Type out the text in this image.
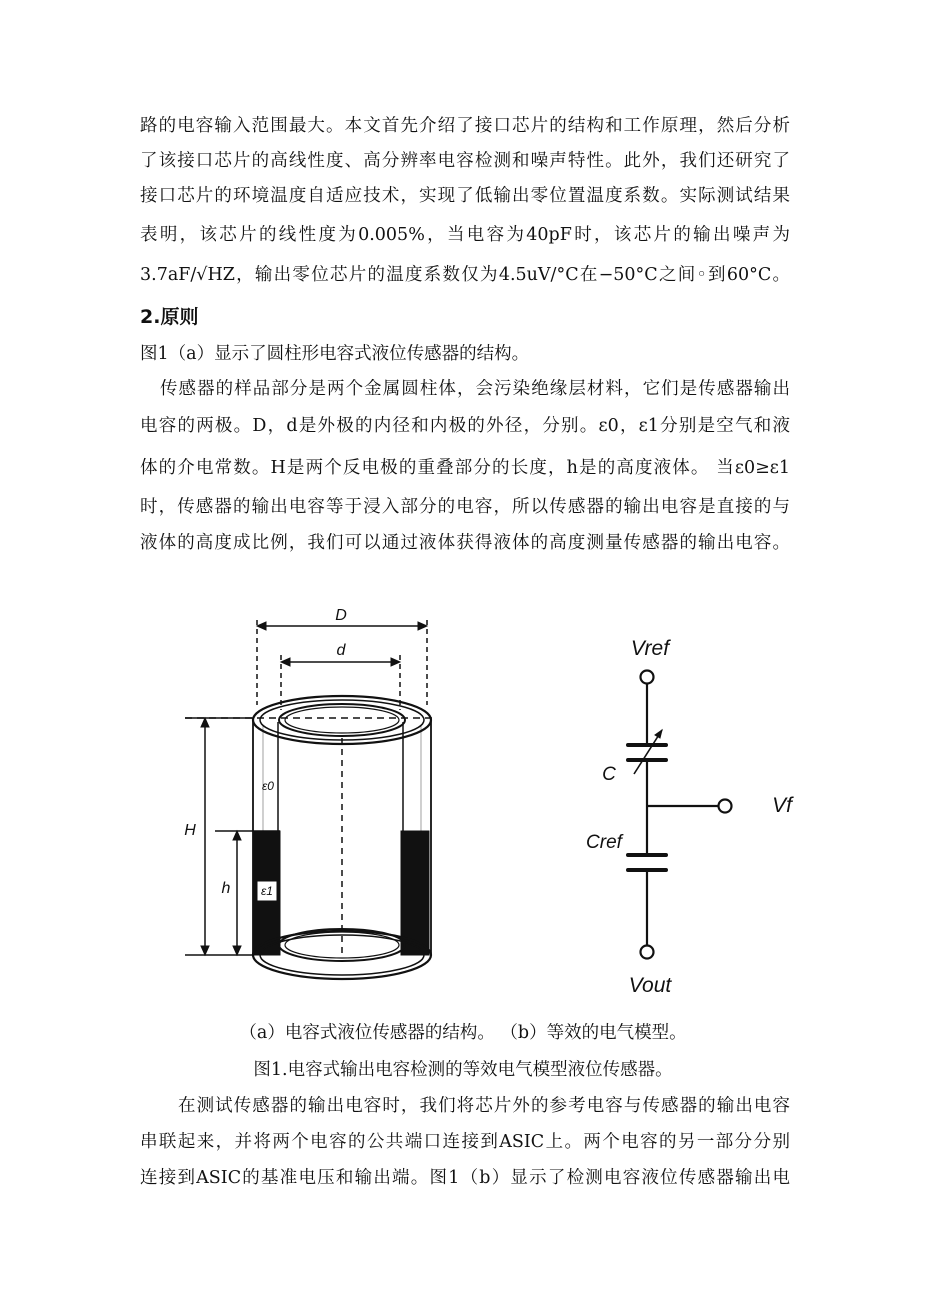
路的电容输入范围最大。本文首先介绍了接口芯片的结构和工作原理，然后分析
了该接口芯片的高线性度、高分辨率电容检测和噪声特性。此外，我们还研究了
接口芯片的环境温度自适应技术，实现了低输出零位置温度系数。实际测试结果
表明，该芯片的线性度为0.005%，当电容为40pF时，该芯片的输出噪声为
3.7aF/√HZ，输出零位芯片的温度系数仅为4.5uV/°C在−50°C之间◦到60°C。
2.原则
图1（a）显示了圆柱形电容式液位传感器的结构。
传感器的样品部分是两个金属圆柱体，会污染绝缘层材料，它们是传感器输出
电容的两极。D，d是外极的内径和内极的外径，分别。ε0，ε1分别是空气和液
体的介电常数。H是两个反电极的重叠部分的长度，h是的高度液体。 当ε0≥ε1
时，传感器的输出电容等于浸入部分的电容，所以传感器的输出电容是直接的与
液体的高度成比例，我们可以通过液体获得液体的高度测量传感器的输出电容。
D
d
H
h
ε0
ε1
Vref
C
Vf
Cref
Vout
（a）电容式液位传感器的结构。 （b）等效的电气模型。
图1.电容式输出电容检测的等效电气模型液位传感器。
在测试传感器的输出电容时，我们将芯片外的参考电容与传感器的输出电容
串联起来，并将两个电容的公共端口连接到ASIC上。两个电容的另一部分分别
连接到ASIC的基准电压和输出端。图1（b）显示了检测电容液位传感器输出电
